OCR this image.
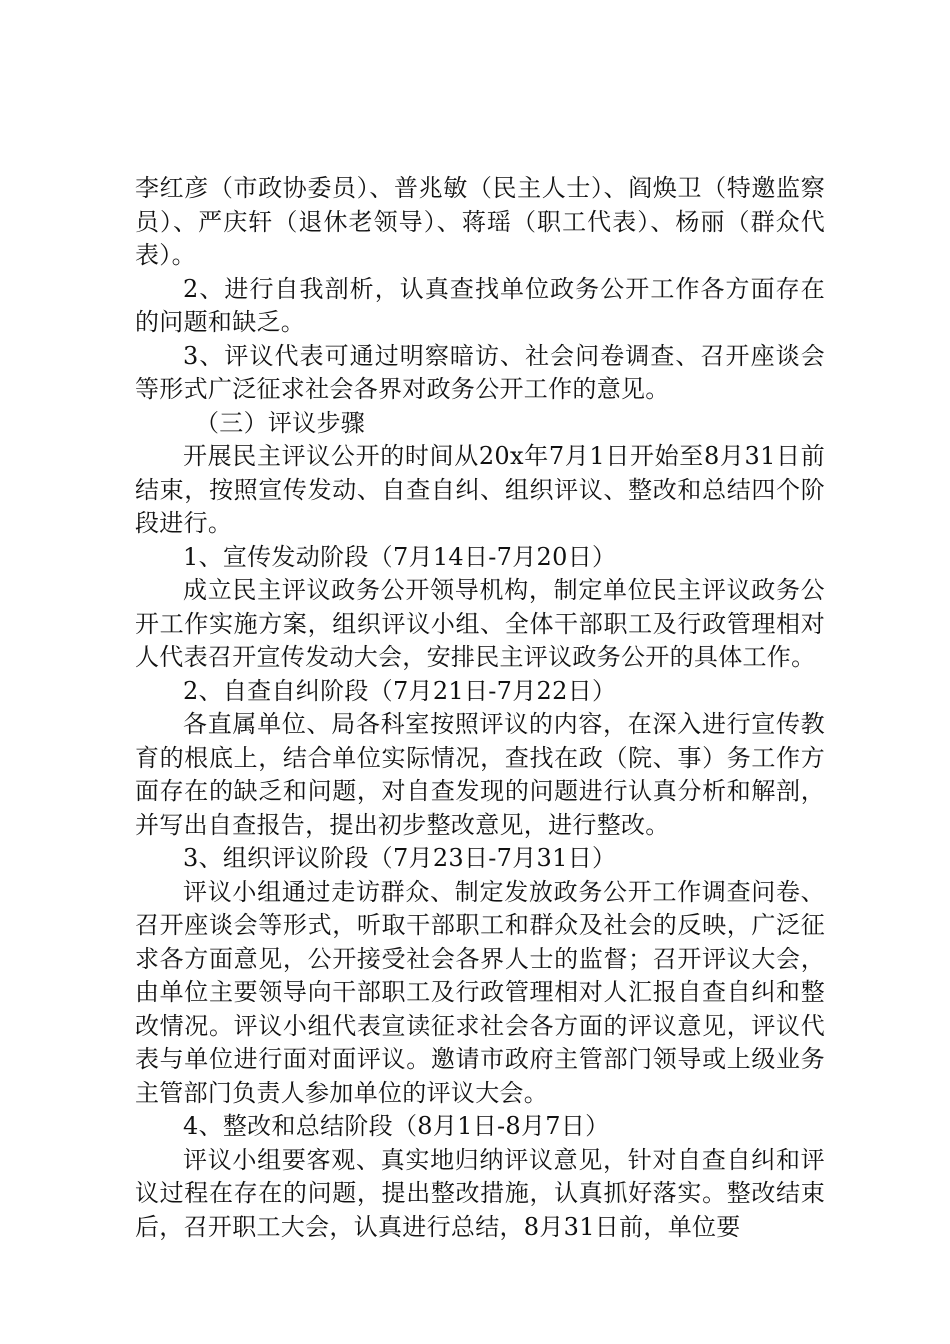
李红彦（市政协委员）、普兆敏（民主人士）、阎焕卫（特邀监察员）、严庆轩（退休老领导）、蒋瑶（职工代表）、杨丽（群众代表）。

2、进行自我剖析，认真查找单位政务公开工作各方面存在的问题和缺乏。

3、评议代表可通过明察暗访、社会问卷调查、召开座谈会等形式广泛征求社会各界对政务公开工作的意见。

（三）评议步骤

开展民主评议公开的时间从20x年7月1日开始至8月31日前结束，按照宣传发动、自查自纠、组织评议、整改和总结四个阶段进行。

1、宣传发动阶段（7月14日-7月20日）

成立民主评议政务公开领导机构，制定单位民主评议政务公开工作实施方案，组织评议小组、全体干部职工及行政管理相对人代表召开宣传发动大会，安排民主评议政务公开的具体工作。

2、自查自纠阶段（7月21日-7月22日）

各直属单位、局各科室按照评议的内容，在深入进行宣传教育的根底上，结合单位实际情况，查找在政（院、事）务工作方面存在的缺乏和问题，对自查发现的问题进行认真分析和解剖，并写出自查报告，提出初步整改意见，进行整改。

3、组织评议阶段（7月23日-7月31日）

评议小组通过走访群众、制定发放政务公开工作调查问卷、召开座谈会等形式，听取干部职工和群众及社会的反映，广泛征求各方面意见，公开接受社会各界人士的监督；召开评议大会，由单位主要领导向干部职工及行政管理相对人汇报自查自纠和整改情况。评议小组代表宣读征求社会各方面的评议意见，评议代表与单位进行面对面评议。邀请市政府主管部门领导或上级业务主管部门负责人参加单位的评议大会。

4、整改和总结阶段（8月1日-8月7日）

评议小组要客观、真实地归纳评议意见，针对自查自纠和评议过程在存在的问题，提出整改措施，认真抓好落实。整改结束后，召开职工大会，认真进行总结，8月31日前，单位要
